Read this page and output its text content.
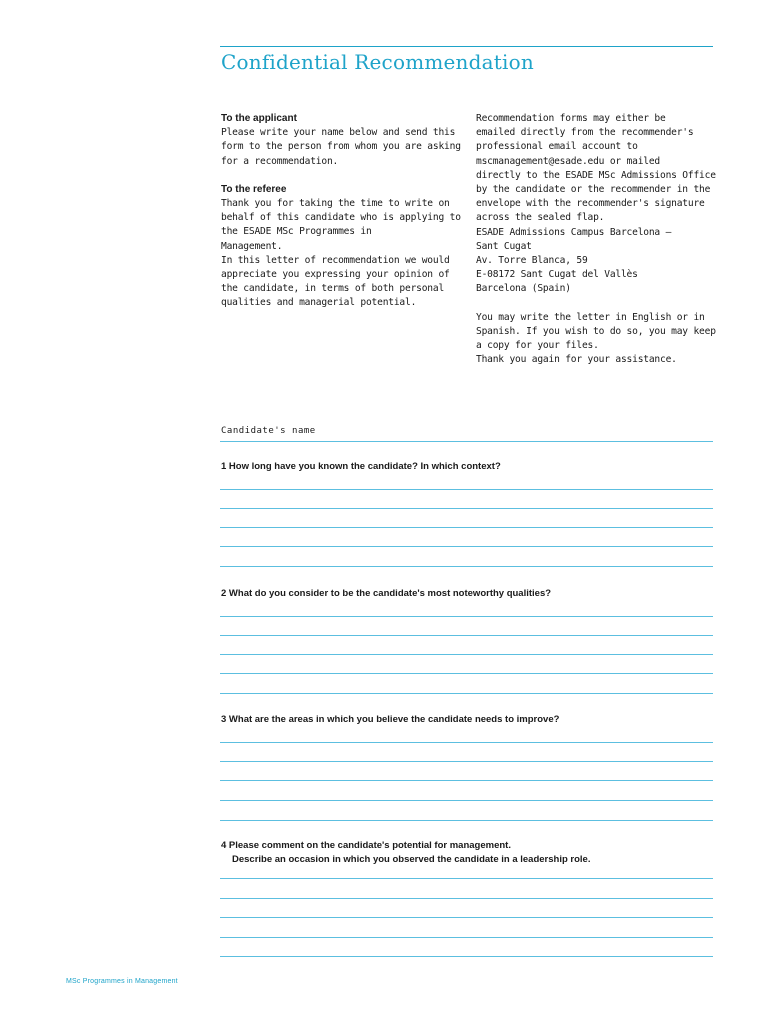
Confidential Recommendation

To the applicant

Please write your name below and send this

form to the person from whom you are asking

for a recommendation.

To the referee

Thank you for taking the time to write on

behalf of this candidate who is applying to

the ESADE MSc Programmes in

Management.

In this letter of recommendation we would

appreciate you expressing your opinion of

the candidate, in terms of both personal

qualities and managerial potential.

Recommendation forms may either be

emailed directly from the recommender's

professional email account to

mscmanagement@esade.edu or mailed

directly to the ESADE MSc Admissions Office

by the candidate or the recommender in the

envelope with the recommender's signature

across the sealed flap.

ESADE Admissions Campus Barcelona –

Sant Cugat

Av. Torre Blanca, 59

E-08172 Sant Cugat del Vallès

Barcelona (Spain)

You may write the letter in English or in

Spanish. If you wish to do so, you may keep

a copy for your files.

Thank you again for your assistance.

Candidate's name

1 How long have you known the candidate? In which context?

2 What do you consider to be the candidate's most noteworthy qualities?

3 What are the areas in which you believe the candidate needs to improve?

4 Please comment on the candidate's potential for management.
Describe an occasion in which you observed the candidate in a leadership role.

MSc Programmes in Management
